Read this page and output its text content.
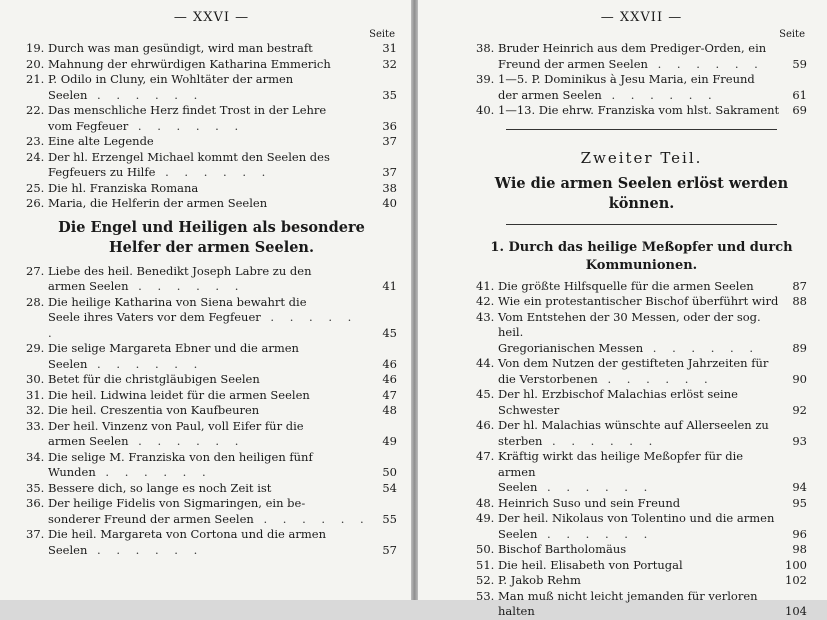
— XXVI —
Seite
19. Durch was man gesündigt, wird man bestraft	31
20. Mahnung der ehrwürdigen Katharina Emmerich	32
21. P. Odilo in Cluny, ein Wohltäter der armen
Seelen . . . . . .	35
22. Das menschliche Herz findet Trost in der Lehre
vom Fegfeuer . . . . . .	36
23. Eine alte Legende	37
24. Der hl. Erzengel Michael kommt den Seelen des
Fegfeuers zu Hilfe . . . . . .	37
25. Die hl. Franziska Romana	38
26. Maria, die Helferin der armen Seelen	40
Die Engel und Heiligen als besondere
Helfer der armen Seelen.
27. Liebe des heil. Benedikt Joseph Labre zu den
armen Seelen . . . . . .	41
28. Die heilige Katharina von Siena bewahrt die
Seele ihres Vaters vor dem Fegfeuer . . . . . .	45
29. Die selige Margareta Ebner und die armen
Seelen . . . . . .	46
30. Betet für die christgläubigen Seelen	46
31. Die heil. Lidwina leidet für die armen Seelen	47
32. Die heil. Creszentia von Kaufbeuren	48
33. Der heil. Vinzenz von Paul, voll Eifer für die
armen Seelen . . . . . .	49
34. Die selige M. Franziska von den heiligen fünf
Wunden . . . . . .	50
35. Bessere dich, so lange es noch Zeit ist	54
36. Der heilige Fidelis von Sigmaringen, ein be-
sonderer Freund der armen Seelen . . . . . .	55
37. Die heil. Margareta von Cortona und die armen
Seelen . . . . . .	57
— XXVII —
Seite
38. Bruder Heinrich aus dem Prediger-Orden, ein
Freund der armen Seelen . . . . . .	59
39. 1—5. P. Dominikus à Jesu Maria, ein Freund
der armen Seelen . . . . . .	61
40. 1—13. Die ehrw. Franziska vom hlst. Sakrament	69
Zweiter Teil.
Wie die armen Seelen erlöst werden
können.
1. Durch das heilige Meßopfer und durch
Kommunionen.
41. Die größte Hilfsquelle für die armen Seelen	87
42. Wie ein protestantischer Bischof überführt wird	88
43. Vom Entstehen der 30 Messen, oder der sog. heil.
Gregorianischen Messen . . . . . .	89
44. Von dem Nutzen der gestifteten Jahrzeiten für
die Verstorbenen . . . . . .	90
45. Der hl. Erzbischof Malachias erlöst seine Schwester	92
46. Der hl. Malachias wünschte auf Allerseelen zu
sterben . . . . . .	93
47. Kräftig wirkt das heilige Meßopfer für die armen
Seelen . . . . . .	94
48. Heinrich Suso und sein Freund	95
49. Der heil. Nikolaus von Tolentino und die armen
Seelen . . . . . .	96
50. Bischof Bartholomäus	98
51. Die heil. Elisabeth von Portugal	100
52. P. Jakob Rehm	102
53. Man muß nicht leicht jemanden für verloren halten	104
